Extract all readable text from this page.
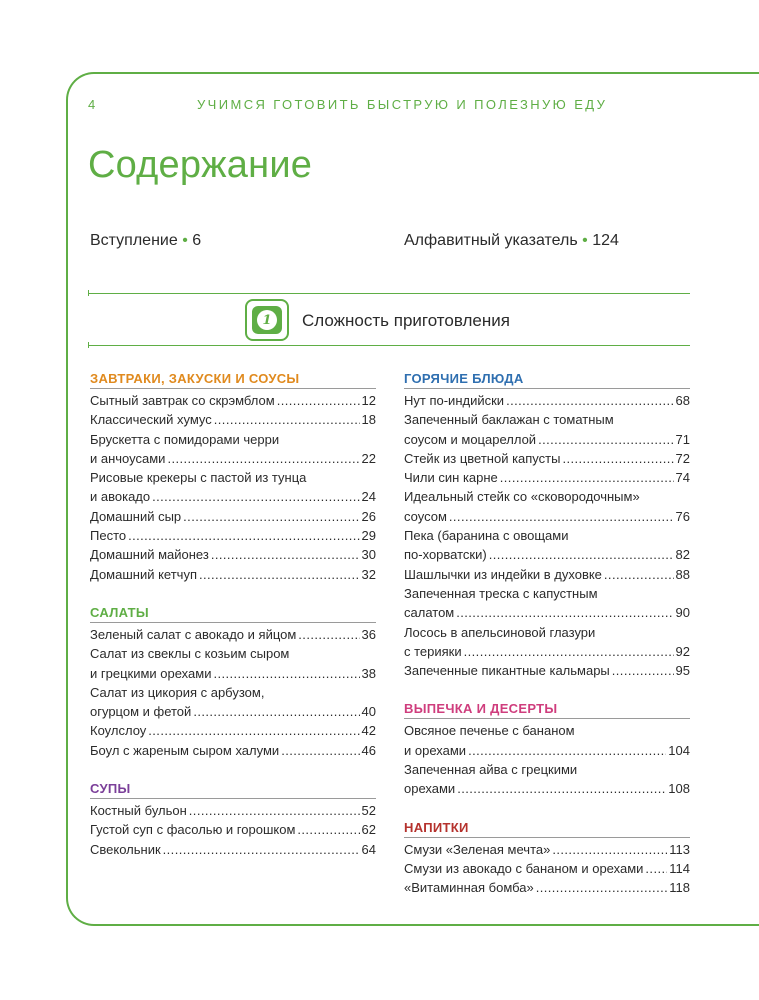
4	УЧИМСЯ ГОТОВИТЬ БЫСТРУЮ И ПОЛЕЗНУЮ ЕДУ
Содержание
Вступление • 6	Алфавитный указатель • 124
1	Сложность приготовления
ЗАВТРАКИ, ЗАКУСКИ И СОУСЫ
Сытный завтрак со скрэмблом .....	12
Классический хумус .....	18
Брускетта с помидорами черри
и анчоусами .....	22
Рисовые крекеры с пастой из тунца
и авокадо .....	24
Домашний сыр .....	26
Песто .....	29
Домашний майонез .....	30
Домашний кетчуп .....	32
САЛАТЫ
Зеленый салат с авокадо и яйцом .....	36
Салат из свеклы с козьим сыром
и грецкими орехами .....	38
Салат из цикория с арбузом,
огурцом и фетой .....	40
Коулслоу .....	42
Боул с жареным сыром халуми .....	46
СУПЫ
Костный бульон .....	52
Густой суп с фасолью и горошком .....	62
Свекольник .....	64
ГОРЯЧИЕ БЛЮДА
Нут по-индийски .....	68
Запеченный баклажан с томатным
соусом и моцареллой .....	71
Стейк из цветной капусты .....	72
Чили син карне .....	74
Идеальный стейк со «сковородочным»
соусом .....	76
Пека (баранина с овощами
по-хорватски) .....	82
Шашлычки из индейки в духовке .....	88
Запеченная треска с капустным
салатом .....	90
Лосось в апельсиновой глазури
с терияки .....	92
Запеченные пикантные кальмары .....	95
ВЫПЕЧКА И ДЕСЕРТЫ
Овсяное печенье с бананом
и орехами .....	104
Запеченная айва с грецкими
орехами .....	108
НАПИТКИ
Смузи «Зеленая мечта» .....	113
Смузи из авокадо с бананом и орехами ..... 114
«Витаминная бомба» .....	118
